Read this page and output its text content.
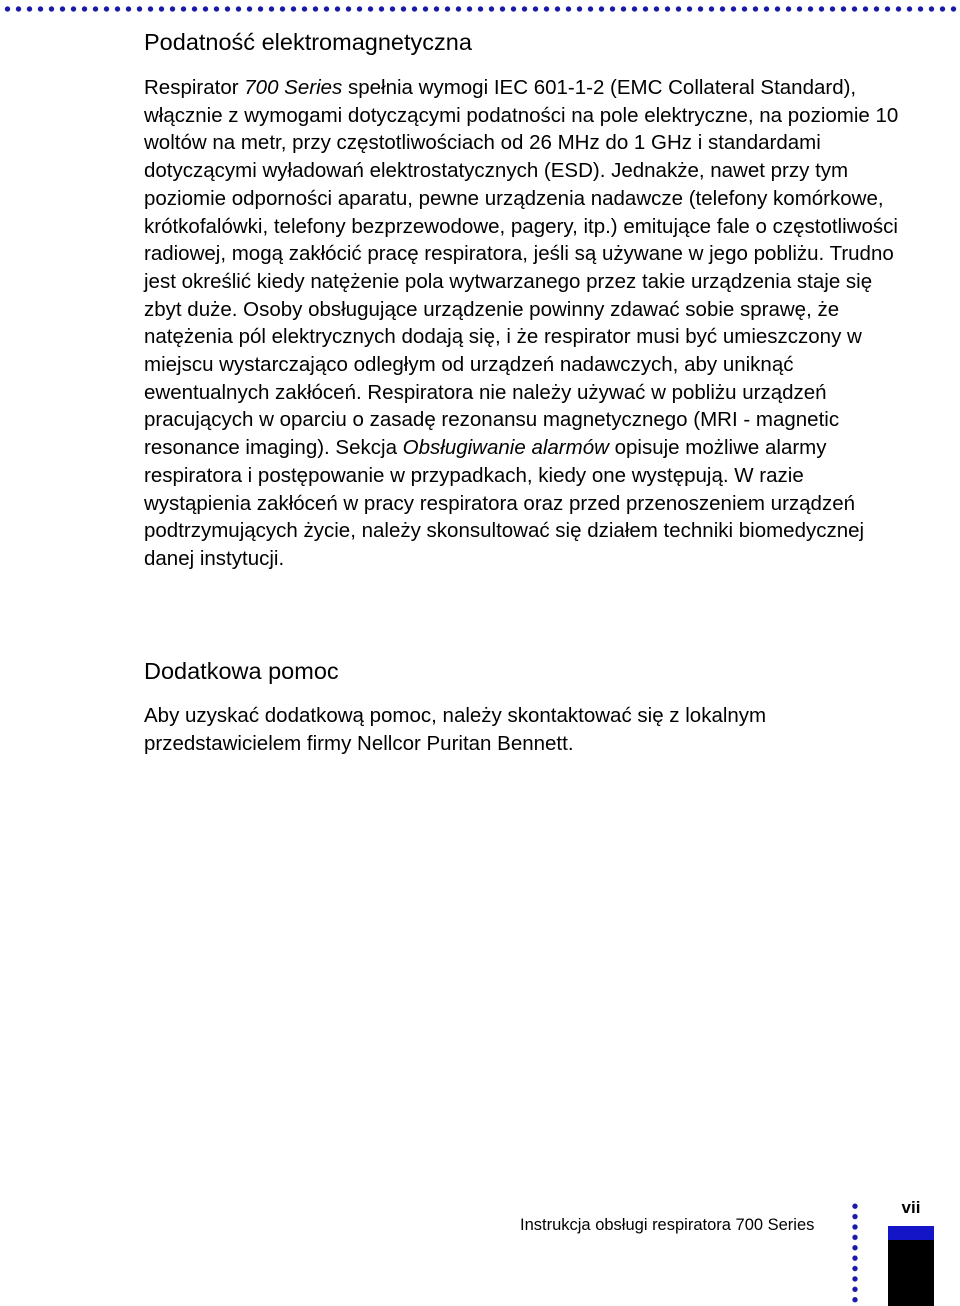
Podatność elektromagnetyczna

Respirator 700 Series spełnia wymogi IEC 601-1-2 (EMC Collateral Standard), włącznie z wymogami dotyczącymi podatności na pole elektryczne, na poziomie 10 woltów na metr, przy częstotliwościach od 26 MHz do 1 GHz i standardami dotyczącymi wyładowań elektrostatycznych (ESD). Jednakże, nawet przy tym poziomie odporności aparatu, pewne urządzenia nadawcze (telefony komórkowe, krótkofalówki, telefony bezprzewodowe, pagery, itp.) emitujące fale o częstotliwości radiowej, mogą zakłócić pracę respiratora, jeśli są używane w jego pobliżu. Trudno jest określić kiedy natężenie pola wytwarzanego przez takie urządzenia staje się zbyt duże. Osoby obsługujące urządzenie powinny zdawać sobie sprawę, że natężenia pól elektrycznych dodają się, i że respirator musi być umieszczony w miejscu wystarczająco odległym od urządzeń nadawczych, aby uniknąć ewentualnych zakłóceń. Respiratora nie należy używać w pobliżu urządzeń pracujących w oparciu o zasadę rezonansu magnetycznego (MRI - magnetic resonance imaging). Sekcja Obsługiwanie alarmów opisuje możliwe alarmy respiratora i postępowanie w przypadkach, kiedy one występują. W razie wystąpienia zakłóceń w pracy respiratora oraz przed przenoszeniem urządzeń podtrzymujących życie, należy skonsultować się działem techniki biomedycznej danej instytucji.

Dodatkowa pomoc

Aby uzyskać dodatkową pomoc, należy skontaktować się z lokalnym przedstawicielem firmy Nellcor Puritan Bennett.

Instrukcja obsługi respiratora 700 Series
vii
